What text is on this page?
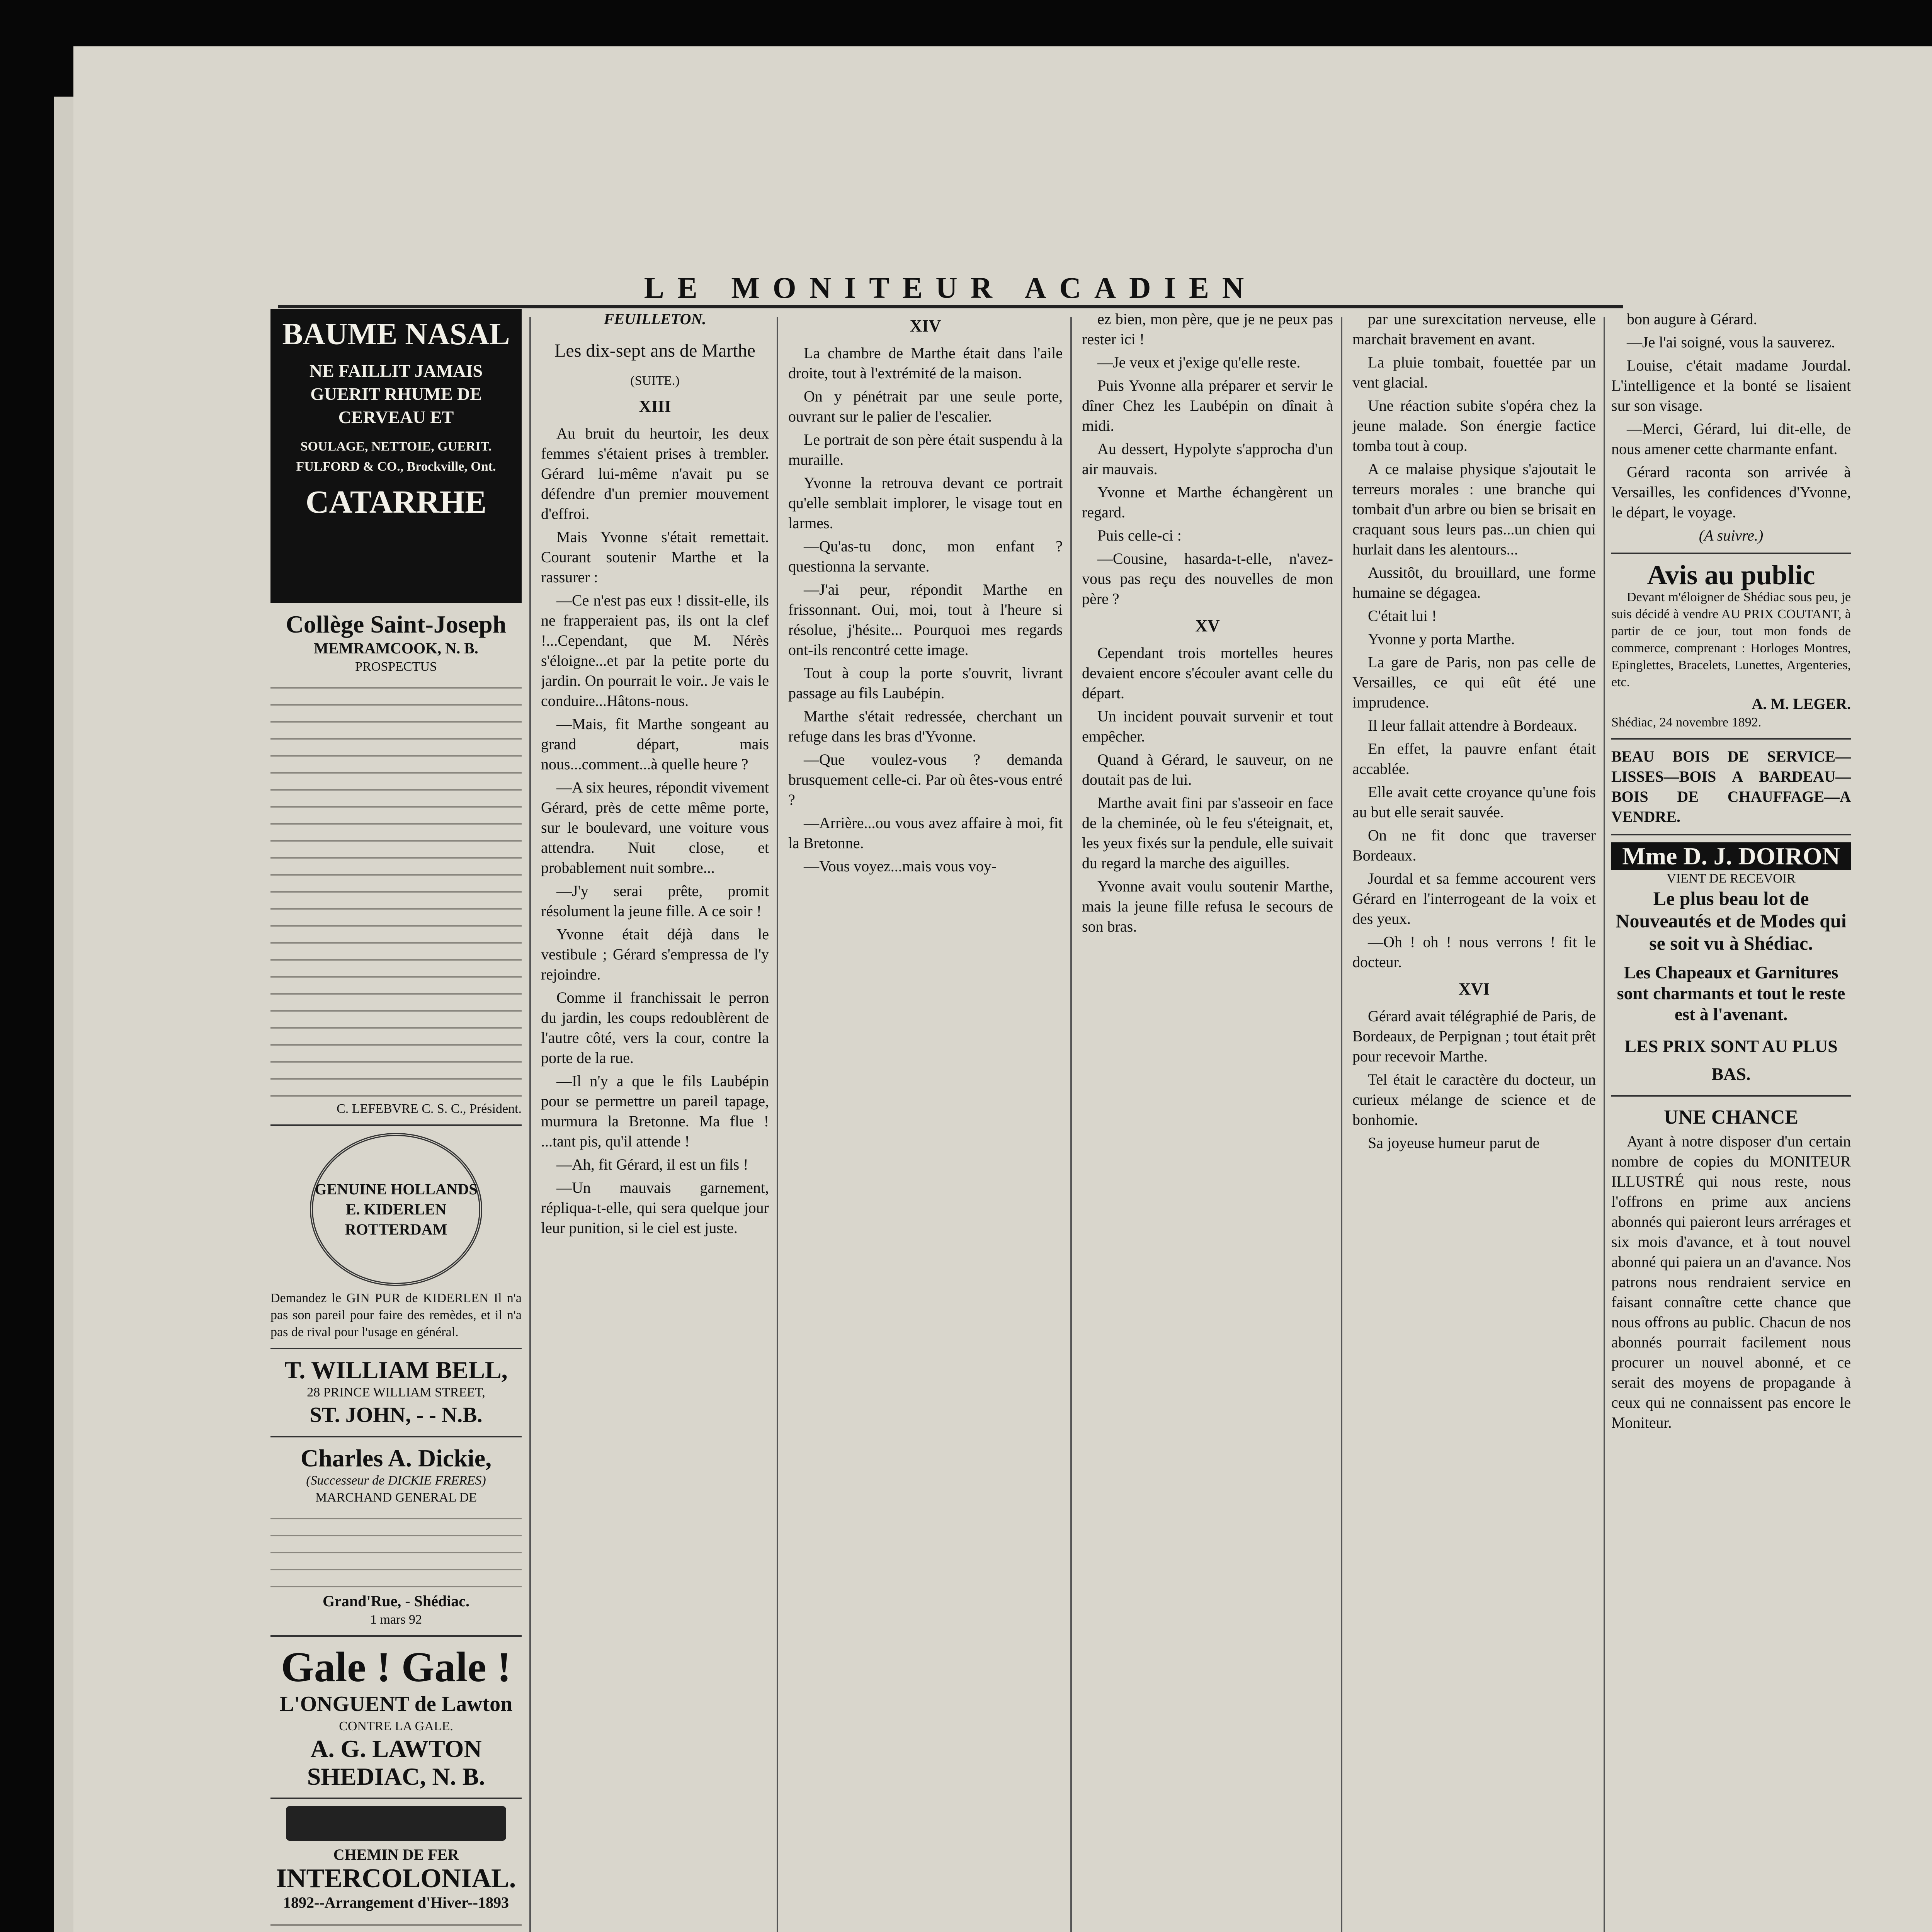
LE MONITEUR ACADIEN
BAUME NASAL
NE FAILLIT JAMAIS GUERIT RHUME DE CERVEAU ET
SOULAGE, NETTOIE, GUERIT. FULFORD & CO., Brockville, Ont.
CATARRHE
Collège Saint-Joseph
MEMRAMCOOK, N. B.
PROSPECTUS
C. LEFEBVRE C. S. C., Président.
GENUINE HOLLANDS E. KIDERLEN ROTTERDAM
Demandez le GIN PUR de KIDERLEN Il n'a pas son pareil pour faire des remèdes, et il n'a pas de rival pour l'usage en général.
T. WILLIAM BELL,
28 PRINCE WILLIAM STREET,
ST. JOHN, - - N.B.
Charles A. Dickie,
(Successeur de DICKIE FRERES)
MARCHAND GENERAL DE
Grand'Rue, - Shédiac.
1 mars 92
Gale ! Gale !
L'ONGUENT de Lawton
CONTRE LA GALE.
A. G. LAWTON
SHEDIAC, N. B.
CHEMIN DE FER
INTERCOLONIAL.
1892--Arrangement d'Hiver--1893
FEUILLETON.
Les dix-sept ans de Marthe
(SUITE.)
XIII

Au bruit du heurtoir, les deux femmes s'étaient prises à trembler. Gérard lui-même n'avait pu se défendre d'un premier mouvement d'effroi.

Mais Yvonne s'était remettait. Courant soutenir Marthe et la rassurer :

—Ce n'est pas eux ! dissit-elle, ils ne frapperaient pas, ils ont la clef !...Cependant, que M. Nérès s'éloigne...et par la petite porte du jardin. On pourrait le voir.. Je vais le conduire...Hâtons-nous.

—Mais, fit Marthe songeant au grand départ, mais nous...comment...à quelle heure ?

—A six heures, répondit vivement Gérard, près de cette même porte, sur le boulevard, une voiture vous attendra. Nuit close, et probablement nuit sombre...

—J'y serai prête, promit résolument la jeune fille. A ce soir !

Yvonne était déjà dans le vestibule ; Gérard s'empressa de l'y rejoindre.

Comme il franchissait le perron du jardin, les coups redoublèrent de l'autre côté, vers la cour, contre la porte de la rue.

—Il n'y a que le fils Laubépin pour se permettre un pareil tapage, murmura la Bretonne. Ma flue ! ...tant pis, qu'il attende !

—Ah, fit Gérard, il est un fils !

—Un mauvais garnement, répliqua-t-elle, qui sera quelque jour leur punition, si le ciel est juste.

XIV

La chambre de Marthe était dans l'aile droite, tout à l'extrémité de la maison.

On y pénétrait par une seule porte, ouvrant sur le palier de l'escalier.

Le portrait de son père était suspendu à la muraille.

Yvonne la retrouva devant ce portrait qu'elle semblait implorer, le visage tout en larmes.

—Qu'as-tu donc, mon enfant ? questionna la servante.

—J'ai peur, répondit Marthe en frissonnant. Oui, moi, tout à l'heure si résolue, j'hésite... Pourquoi mes regards ont-ils rencontré cette image.

Tout à coup la porte s'ouvrit, livrant passage au fils Laubépin.

Marthe s'était redressée, cherchant un refuge dans les bras d'Yvonne.

—Que voulez-vous ? demanda brusquement celle-ci. Par où êtes-vous entré ?

—Arrière...ou vous avez affaire à moi, fit la Bretonne.

—Vous voyez...mais vous voy-

ez bien, mon père, que je ne peux pas rester ici !

—Je veux et j'exige qu'elle reste.

Puis Yvonne alla préparer et servir le dîner Chez les Laubépin on dînait à midi.

Au dessert, Hypolyte s'approcha d'un air mauvais.

Yvonne et Marthe échangèrent un regard.

Puis celle-ci :

—Cousine, hasarda-t-elle, n'avez-vous pas reçu des nouvelles de mon père ?

XV

Cependant trois mortelles heures devaient encore s'écouler avant celle du départ.

Un incident pouvait survenir et tout empêcher.

Quand à Gérard, le sauveur, on ne doutait pas de lui.

Marthe avait fini par s'asseoir en face de la cheminée, où le feu s'éteignait, et, les yeux fixés sur la pendule, elle suivait du regard la marche des aiguilles.

Yvonne avait voulu soutenir Marthe, mais la jeune fille refusa le secours de son bras.

par une surexcitation nerveuse, elle marchait bravement en avant.

La pluie tombait, fouettée par un vent glacial.

Une réaction subite s'opéra chez la jeune malade. Son énergie factice tomba tout à coup.

A ce malaise physique s'ajoutait le terreurs morales : une branche qui tombait d'un arbre ou bien se brisait en craquant sous leurs pas...un chien qui hurlait dans les alentours...

Aussitôt, du brouillard, une forme humaine se dégagea.

C'était lui !

Yvonne y porta Marthe.

La gare de Paris, non pas celle de Versailles, ce qui eût été une imprudence.

Il leur fallait attendre à Bordeaux.

En effet, la pauvre enfant était accablée.

Elle avait cette croyance qu'une fois au but elle serait sauvée.

On ne fit donc que traverser Bordeaux.

Jourdal et sa femme accourent vers Gérard en l'interrogeant de la voix et des yeux.

—Oh ! oh ! nous verrons ! fit le docteur.

XVI

Gérard avait télégraphié de Paris, de Bordeaux, de Perpignan ; tout était prêt pour recevoir Marthe.

Tel était le caractère du docteur, un curieux mélange de science et de bonhomie.

Sa joyeuse humeur parut de

bon augure à Gérard.

—Je l'ai soigné, vous la sauverez.

Louise, c'était madame Jourdal. L'intelligence et la bonté se lisaient sur son visage.

—Merci, Gérard, lui dit-elle, de nous amener cette charmante enfant.

Gérard raconta son arrivée à Versailles, les confidences d'Yvonne, le départ, le voyage.

(A suivre.)
Avis au public

Devant m'éloigner de Shédiac sous peu, je suis décidé à vendre AU PRIX COUTANT, à partir de ce jour, tout mon fonds de commerce, comprenant : Horloges Montres, Epinglettes, Bracelets, Lunettes, Argenteries, etc.

A. M. LEGER.
Shédiac, 24 novembre 1892.
BEAU BOIS DE SERVICE—LISSES—BOIS A BARDEAU—BOIS DE CHAUFFAGE—A VENDRE.
Mme D. J. DOIRON
VIENT DE RECEVOIR
Le plus beau lot de Nouveautés et de Modes qui se soit vu à Shédiac.
Les Chapeaux et Garnitures sont charmants et tout le reste est à l'avenant.
LES PRIX SONT AU PLUS BAS.
UNE CHANCE

Ayant à notre disposer d'un certain nombre de copies du MONITEUR ILLUSTRÉ qui nous reste, nous l'offrons en prime aux anciens abonnés qui paieront leurs arrérages et six mois d'avance, et à tout nouvel abonné qui paiera un an d'avance. Nos patrons nous rendraient service en faisant connaître cette chance que nous offrons au public. Chacun de nos abonnés pourrait facilement nous procurer un nouvel abonné, et ce serait des moyens de propagande à ceux qui ne connaissent pas encore le Moniteur.
